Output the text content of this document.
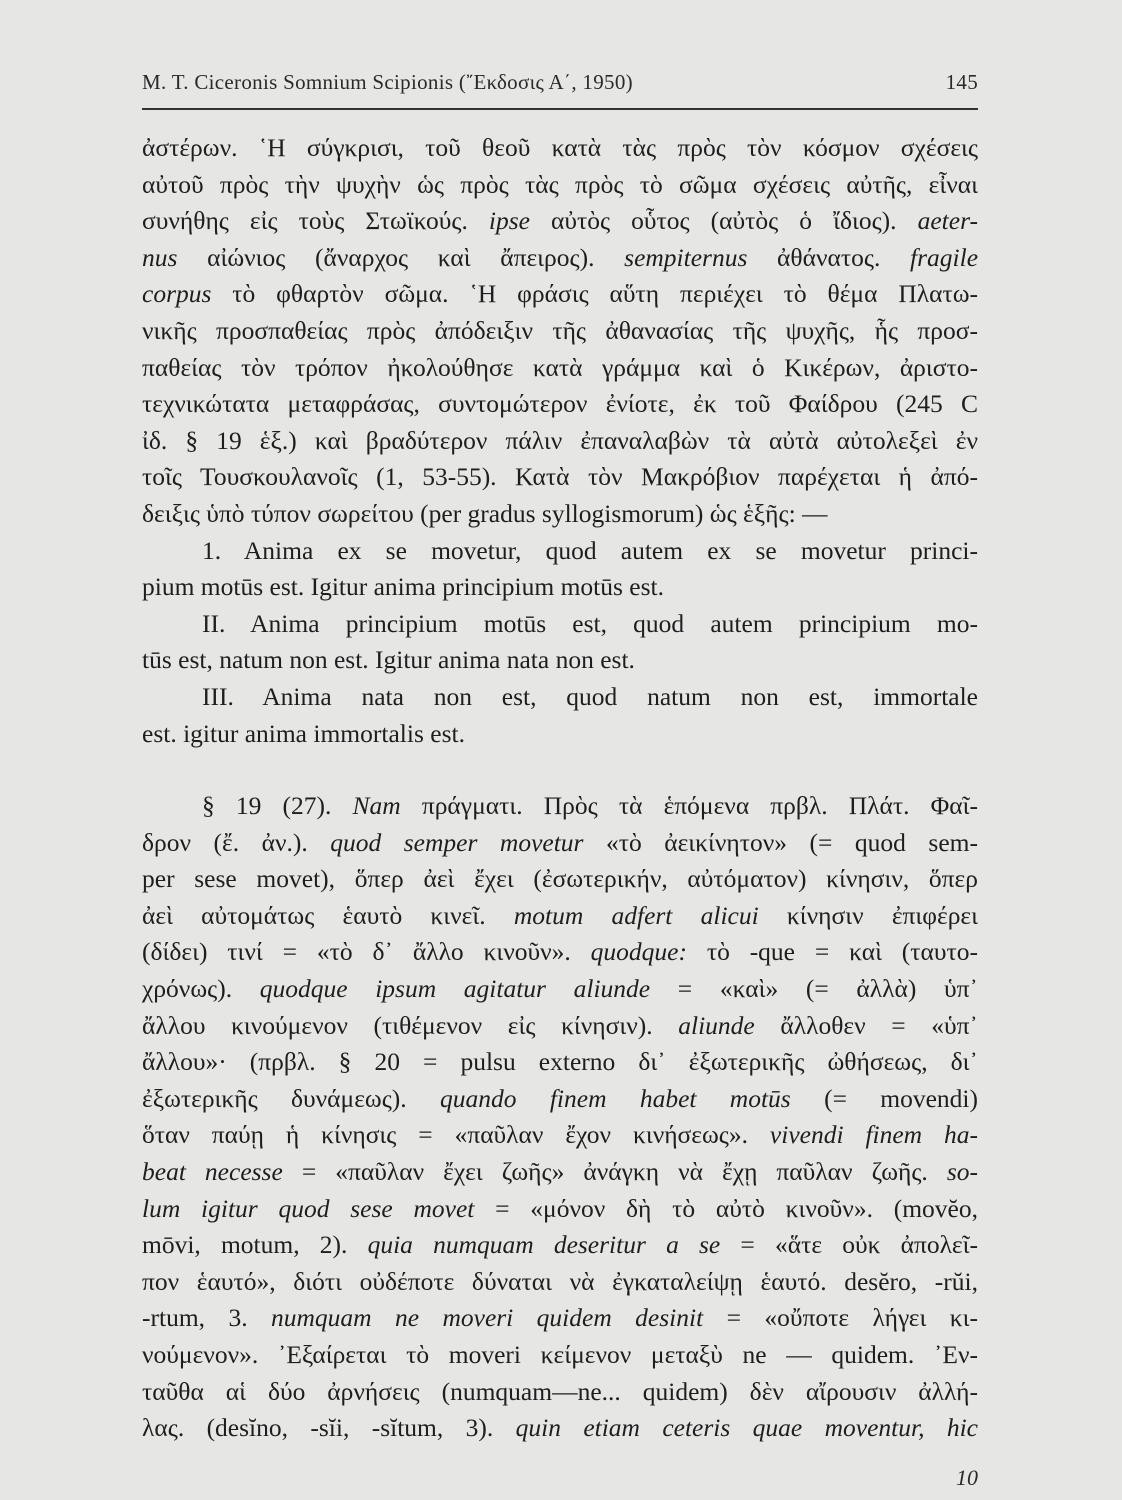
M. T. Ciceronis Somnium Scipionis (῎Εκδοσις Α΄, 1950)	145
ἀστέρων. ῾Η σύγκρισι, τοῦ θεοῦ κατὰ τὰς πρὸς τὸν κόσμον σχέσεις
αὐτοῦ πρὸς τὴν ψυχὴν ὡς πρὸς τὰς πρὸς τὸ σῶμα σχέσεις αὐτῆς, εἶναι
συνήθης εἰς τοὺς Στωϊκούς. ipse αὐτὸς οὗτος (αὐτὸς ὁ ἴδιος). aeter-
nus αἰώνιος (ἄναρχος καὶ ἄπειρος). sempiternus ἀθάνατος. fragile
corpus τὸ φθαρτὸν σῶμα. ῾Η φράσις αὕτη περιέχει τὸ θέμα Πλατω-
νικῆς προσπαθείας πρὸς ἀπόδειξιν τῆς ἀθανασίας τῆς ψυχῆς, ἧς προσ-
παθείας τὸν τρόπον ἠκολούθησε κατὰ γράμμα καὶ ὁ Κικέρων, ἀριστο-
τεχνικώτατα μεταφράσας, συντομώτερον ἐνίοτε, ἐκ τοῦ Φαίδρου (245 C
ἰδ. § 19 ἑξ.) καὶ βραδύτερον πάλιν ἐπαναλαβὼν τὰ αὐτὰ αὐτολεξεὶ ἐν
τοῖς Τουσκουλανοῖς (1, 53-55). Κατὰ τὸν Μακρόβιον παρέχεται ἡ ἀπό-
δειξις ὑπὸ τύπον σωρείτου (per gradus syllogismorum) ὡς ἑξῆς: —
1. Anima ex se movetur, quod autem ex se movetur princi-
pium motūs est. Igitur anima principium motūs est.
II. Anima principium motūs est, quod autem principium mo-
tūs est, natum non est. Igitur anima nata non est.
III. Anima nata non est, quod natum non est, immortale
est. igitur anima immortalis est.
§ 19 (27). Nam πράγματι. Πρὸς τὰ ἑπόμενα πρβλ. Πλάτ. Φαῖ-
δρον (ἔ. ἀν.). quod semper movetur «τὸ ἀεικίνητον» (= quod sem-
per sese movet), ὅπερ ἀεὶ ἔχει (ἐσωτερικήν, αὐτόματον) κίνησιν, ὅπερ
ἀεὶ αὐτομάτως ἑαυτὸ κινεῖ. motum adfert alicui κίνησιν ἐπιφέρει
(δίδει) τινί = «τὸ δ᾽ ἄλλο κινοῦν». quodque: τὸ -que = καὶ (ταυτο-
χρόνως). quodque ipsum agitatur aliunde = «καὶ» (= ἀλλὰ) ὑπ᾽
ἄλλου κινούμενον (τιθέμενον εἰς κίνησιν). aliunde ἄλλοθεν = «ὑπ᾽
ἄλλου»· (πρβλ. § 20 = pulsu externo δι᾽ ἐξωτερικῆς ὠθήσεως, δι᾽
ἐξωτερικῆς δυνάμεως). quando finem habet motūs (= movendi)
ὅταν παύῃ ἡ κίνησις = «παῦλαν ἔχον κινήσεως». vivendi finem ha-
beat necesse = «παῦλαν ἔχει ζωῆς» ἀνάγκη νὰ ἔχῃ παῦλαν ζωῆς. so-
lum igitur quod sese movet = «μόνον δὴ τὸ αὐτὸ κινοῦν». (movĕo,
mōvi, motum, 2). quia numquam deseritur a se = «ἅτε οὐκ ἀπολεῖ-
πον ἑαυτό», διότι οὐδέποτε δύναται νὰ ἐγκαταλείψῃ ἑαυτό. desĕro, -rŭi,
-rtum, 3. numquam ne moveri quidem desinit = «οὔποτε λήγει κι-
νούμενον». ᾿Εξαίρεται τὸ moveri κείμενον μεταξὺ ne — quidem. ᾿Εν-
ταῦθα αἱ δύο ἀρνήσεις (numquam—ne... quidem) δὲν αἴρουσιν ἀλλή-
λας. (desĭno, -sĭi, -sĭtum, 3). quin etiam ceteris quae moventur, hic
10
